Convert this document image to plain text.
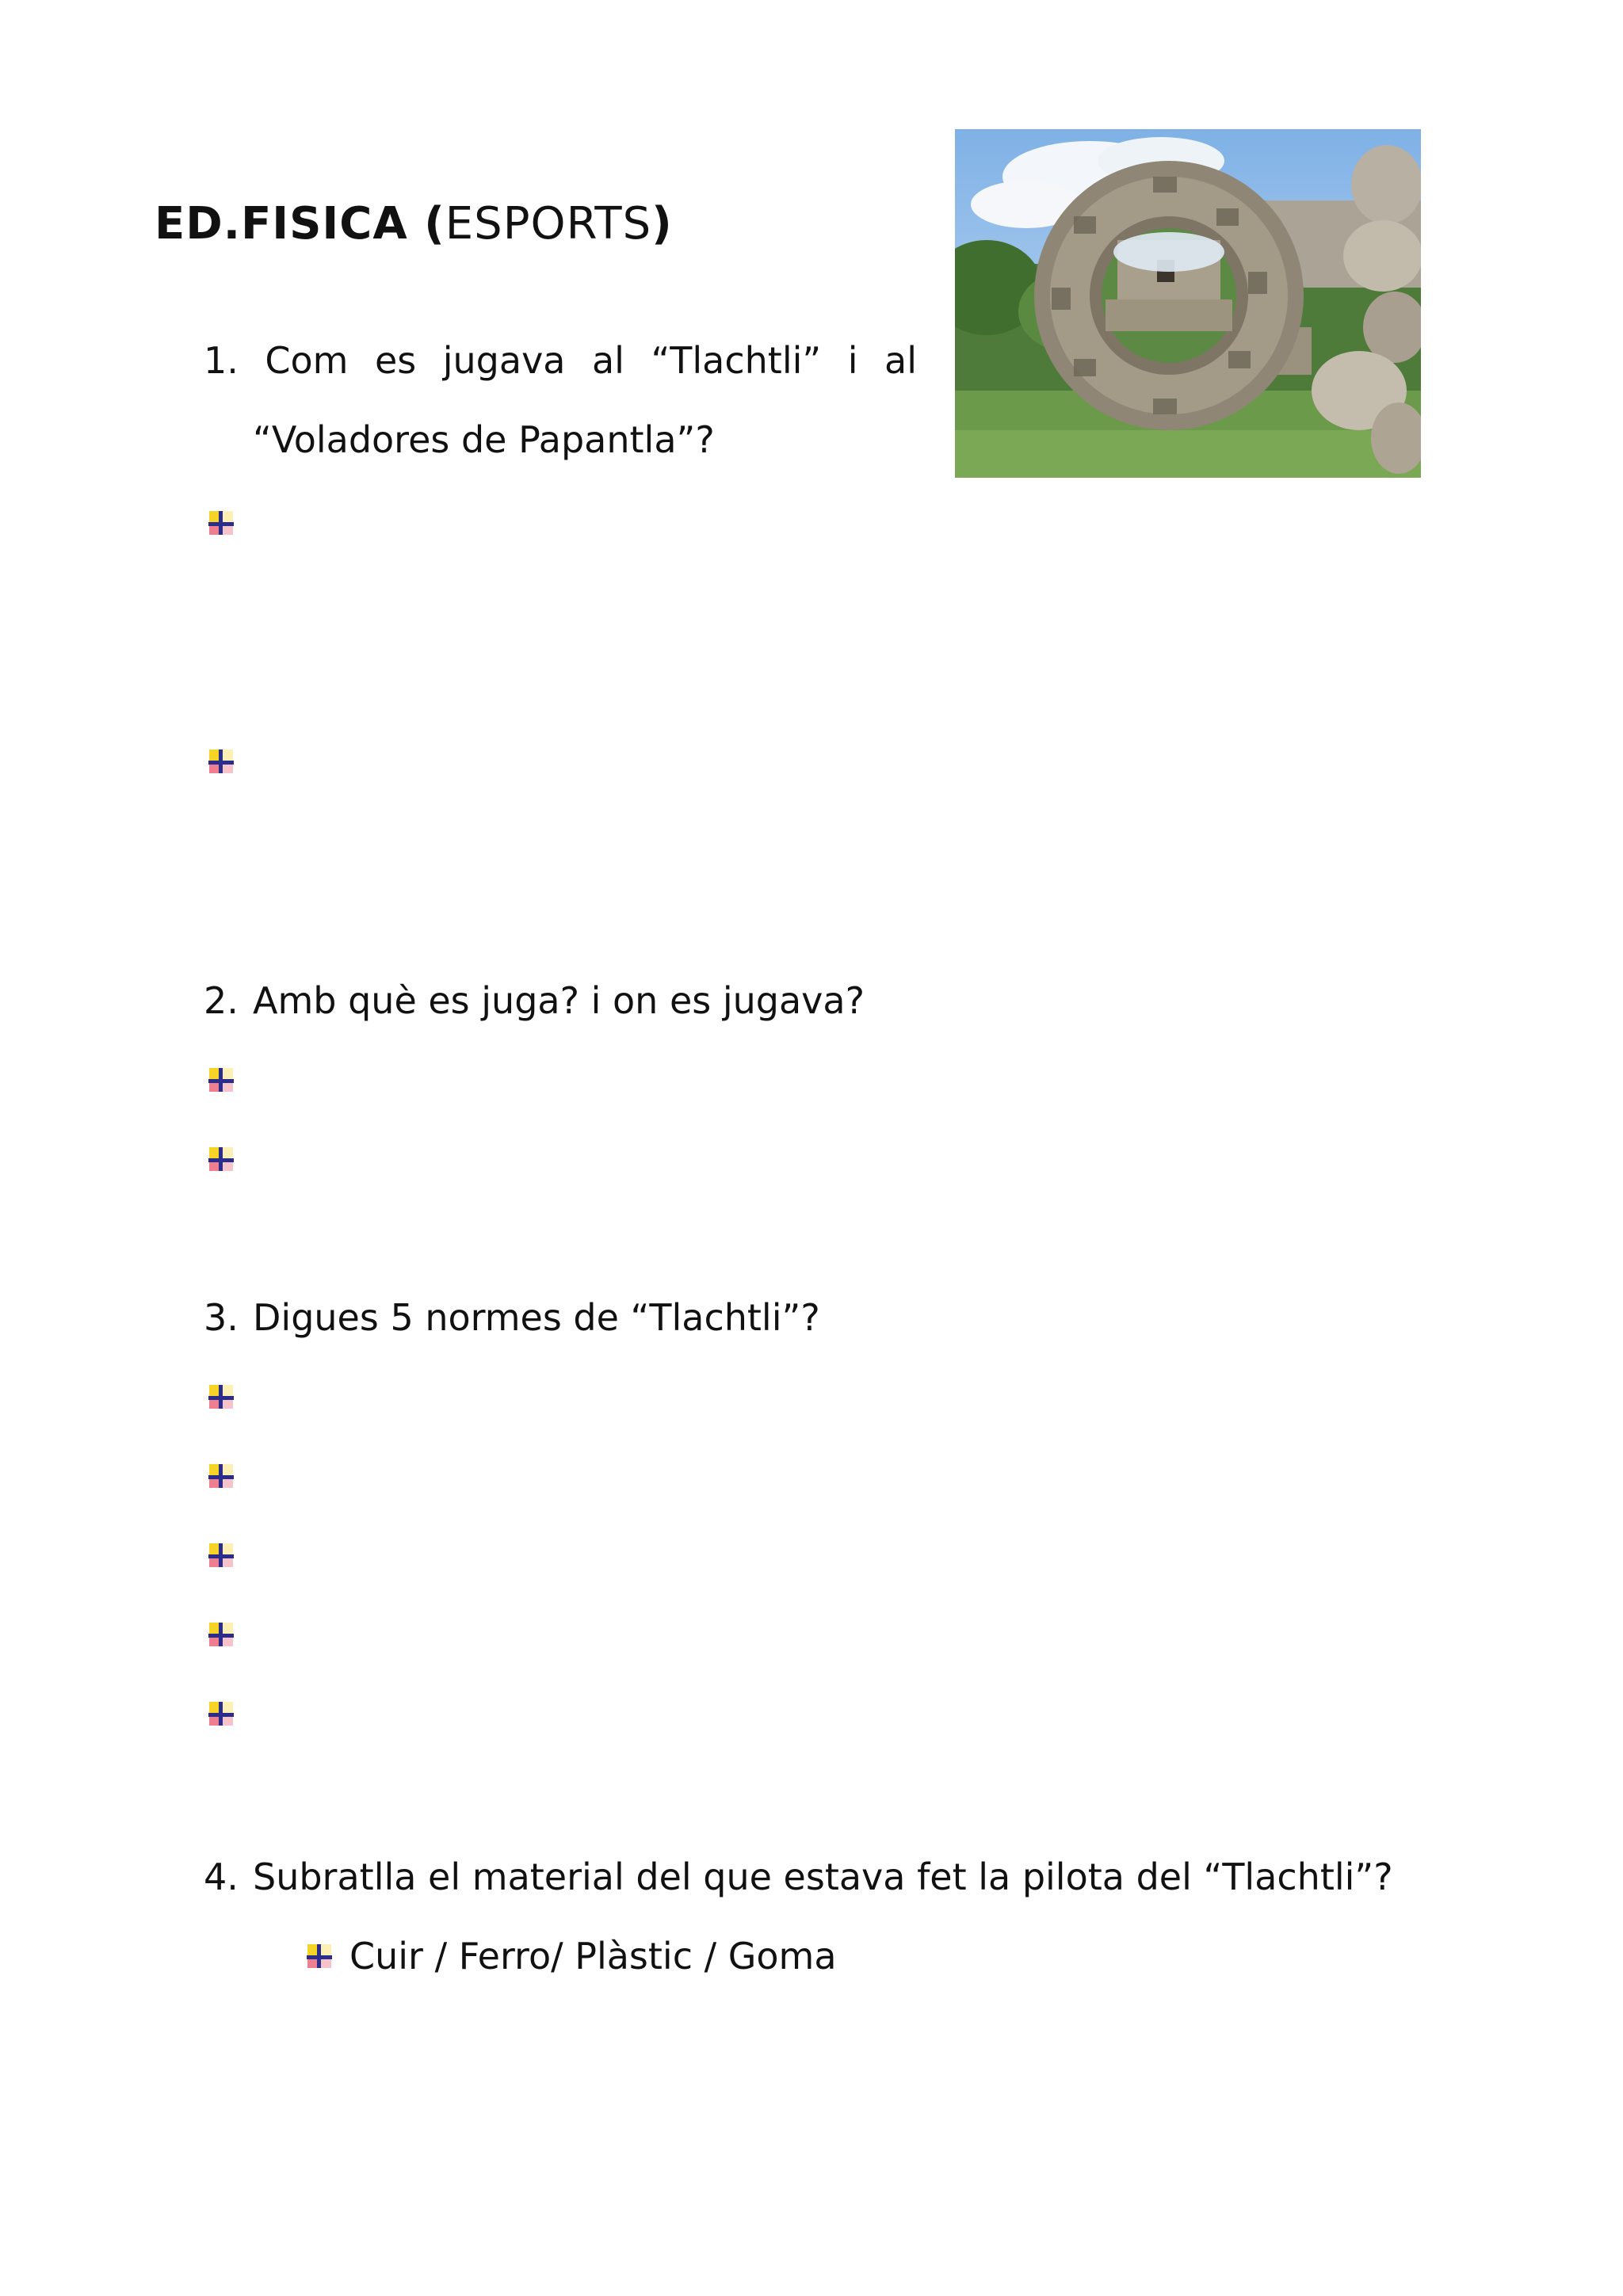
ED.FISICA (ESPORTS)
1. Com es jugava al “Tlachtli” i al
“Voladores de Papantla”?
2. Amb què es juga? i on es jugava?
3. Digues 5 normes de “Tlachtli”?
4. Subratlla el material del que estava fet la pilota del “Tlachtli”?
Cuir / Ferro/ Plàstic / Goma
